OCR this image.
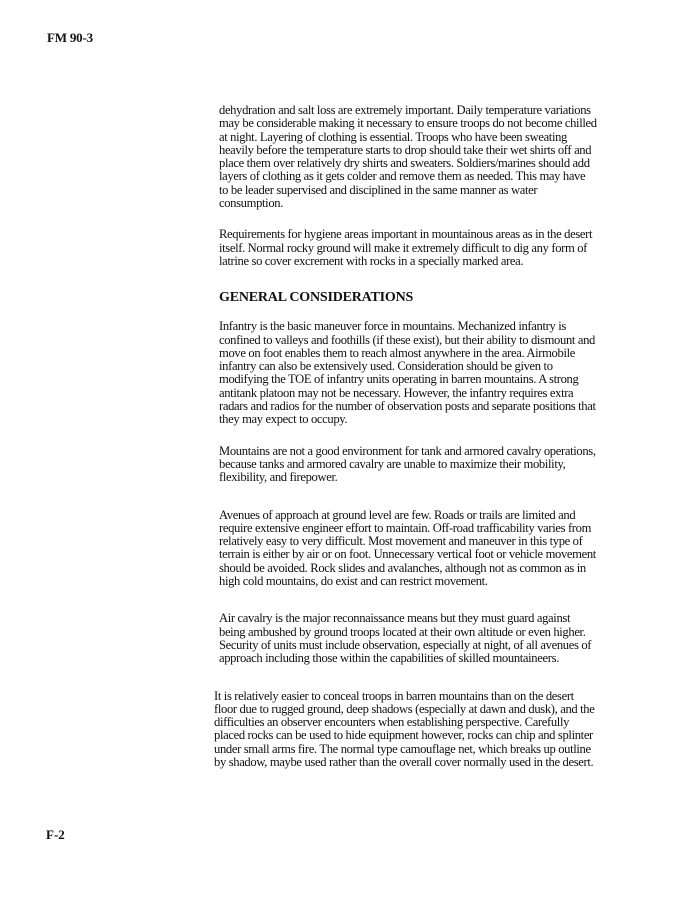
FM 90-3

dehydration and salt loss are extremely important. Daily temperature variations may be considerable making it necessary to ensure troops do not become chilled at night. Layering of clothing is essential. Troops who have been sweating heavily before the temperature starts to drop should take their wet shirts off and place them over relatively dry shirts and sweaters. Soldiers/marines should add layers of clothing as it gets colder and remove them as needed. This may have to be leader supervised and disciplined in the same manner as water consumption.

Requirements for hygiene areas important in mountainous areas as in the desert itself. Normal rocky ground will make it extremely difficult to dig any form of latrine so cover excrement with rocks in a specially marked area.

GENERAL CONSIDERATIONS

Infantry is the basic maneuver force in mountains. Mechanized infantry is confined to valleys and foothills (if these exist), but their ability to dismount and move on foot enables them to reach almost anywhere in the area. Airmobile infantry can also be extensively used. Consideration should be given to modifying the TOE of infantry units operating in barren mountains. A strong antitank platoon may not be necessary. However, the infantry requires extra radars and radios for the number of observation posts and separate positions that they may expect to occupy.

Mountains are not a good environment for tank and armored cavalry operations, because tanks and armored cavalry are unable to maximize their mobility, flexibility, and firepower.

Avenues of approach at ground level are few. Roads or trails are limited and require extensive engineer effort to maintain. Off-road trafficability varies from relatively easy to very difficult. Most movement and maneuver in this type of terrain is either by air or on foot. Unnecessary vertical foot or vehicle movement should be avoided. Rock slides and avalanches, although not as common as in high cold mountains, do exist and can restrict movement.

Air cavalry is the major reconnaissance means but they must guard against being ambushed by ground troops located at their own altitude or even higher. Security of units must include observation, especially at night, of all avenues of approach including those within the capabilities of skilled mountaineers.

It is relatively easier to conceal troops in barren mountains than on the desert floor due to rugged ground, deep shadows (especially at dawn and dusk), and the difficulties an observer encounters when establishing perspective. Carefully placed rocks can be used to hide equipment however, rocks can chip and splinter under small arms fire. The normal type camouflage net, which breaks up outline by shadow, maybe used rather than the overall cover normally used in the desert.

F-2
